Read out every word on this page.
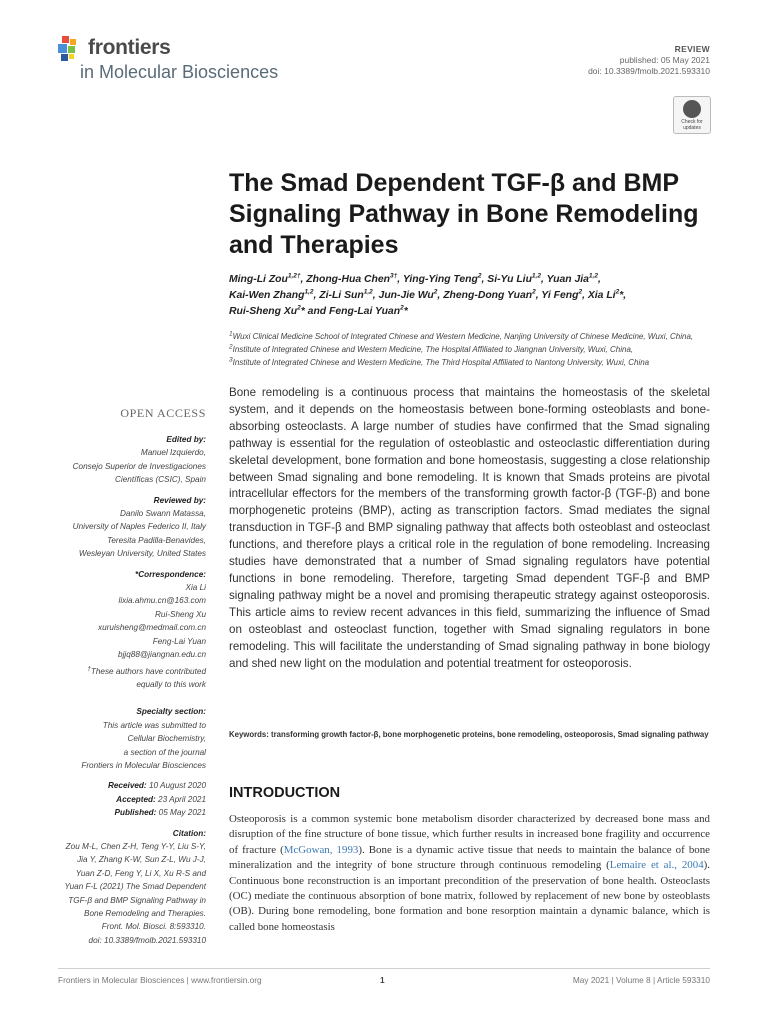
frontiers
in Molecular Biosciences
REVIEW
published: 05 May 2021
doi: 10.3389/fmolb.2021.593310
Check for updates
The Smad Dependent TGF-β and BMP Signaling Pathway in Bone Remodeling and Therapies
Ming-Li Zou$^{1,2\dagger}$, Zhong-Hua Chen$^{3\dagger}$, Ying-Ying Teng$^2$, Si-Yu Liu$^{1,2}$, Yuan Jia$^{1,2}$,
Kai-Wen Zhang$^{1,2}$, Zi-Li Sun$^{1,2}$, Jun-Jie Wu$^2$, Zheng-Dong Yuan$^2$, Yi Feng$^2$, Xia Li$^2$*,
Rui-Sheng Xu$^2$* and Feng-Lai Yuan$^2$*
$^1$Wuxi Clinical Medicine School of Integrated Chinese and Western Medicine, Nanjing University of Chinese Medicine, Wuxi, China, $^2$Institute of Integrated Chinese and Western Medicine, The Hospital Affiliated to Jiangnan University, Wuxi, China,
$^3$Institute of Integrated Chinese and Western Medicine, The Third Hospital Affiliated to Nantong University, Wuxi, China
OPEN ACCESS
Edited by:
Manuel Izquierdo,
Consejo Superior de Investigaciones
Científicas (CSIC), Spain
Reviewed by:
Danilo Swann Matassa,
University of Naples Federico II, Italy
Teresita Padilla-Benavides,
Wesleyan University, United States
*Correspondence:
Xia Li
lixia.ahmu.cn@163.com
Rui-Sheng Xu
xuruisheng@medmail.com.cn
Feng-Lai Yuan
bjjq88@jiangnan.edu.cn
†These authors have contributed
equally to this work
Specialty section:
This article was submitted to
Cellular Biochemistry,
a section of the journal
Frontiers in Molecular Biosciences
Received: 10 August 2020
Accepted: 23 April 2021
Published: 05 May 2021
Citation:
Zou M-L, Chen Z-H, Teng Y-Y, Liu S-Y,
Jia Y, Zhang K-W, Sun Z-L, Wu J-J,
Yuan Z-D, Feng Y, Li X, Xu R-S and
Yuan F-L (2021) The Smad Dependent
TGF-β and BMP Signaling Pathway in
Bone Remodeling and Therapies.
Front. Mol. Biosci. 8:593310.
doi: 10.3389/fmolb.2021.593310
Bone remodeling is a continuous process that maintains the homeostasis of the skeletal system, and it depends on the homeostasis between bone-forming osteoblasts and bone-absorbing osteoclasts. A large number of studies have confirmed that the Smad signaling pathway is essential for the regulation of osteoblastic and osteoclastic differentiation during skeletal development, bone formation and bone homeostasis, suggesting a close relationship between Smad signaling and bone remodeling. It is known that Smads proteins are pivotal intracellular effectors for the members of the transforming growth factor-β (TGF-β) and bone morphogenetic proteins (BMP), acting as transcription factors. Smad mediates the signal transduction in TGF-β and BMP signaling pathway that affects both osteoblast and osteoclast functions, and therefore plays a critical role in the regulation of bone remodeling. Increasing studies have demonstrated that a number of Smad signaling regulators have potential functions in bone remodeling. Therefore, targeting Smad dependent TGF-β and BMP signaling pathway might be a novel and promising therapeutic strategy against osteoporosis. This article aims to review recent advances in this field, summarizing the influence of Smad on osteoblast and osteoclast function, together with Smad signaling regulators in bone remodeling. This will facilitate the understanding of Smad signaling pathway in bone biology and shed new light on the modulation and potential treatment for osteoporosis.
Keywords: transforming growth factor-β, bone morphogenetic proteins, bone remodeling, osteoporosis, Smad signaling pathway
INTRODUCTION
Osteoporosis is a common systemic bone metabolism disorder characterized by decreased bone mass and disruption of the fine structure of bone tissue, which further results in increased bone fragility and occurrence of fracture (McGowan, 1993). Bone is a dynamic active tissue that needs to maintain the balance of bone mineralization and the integrity of bone structure through continuous remodeling (Lemaire et al., 2004). Continuous bone reconstruction is an important precondition of the preservation of bone health. Osteoclasts (OC) mediate the continuous absorption of bone matrix, followed by replacement of new bone by osteoblasts (OB). During bone remodeling, bone formation and bone resorption maintain a dynamic balance, which is called bone homeostasis
Frontiers in Molecular Biosciences | www.frontiersin.org	1	May 2021 | Volume 8 | Article 593310
